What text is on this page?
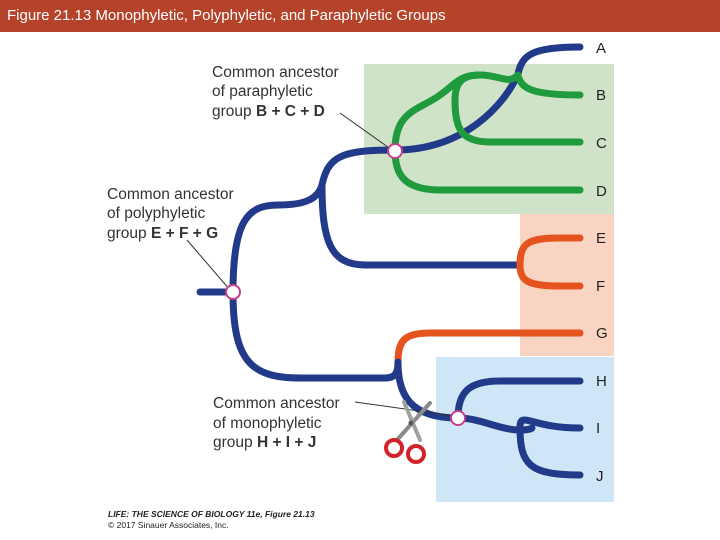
Figure 21.13 Monophyletic, Polyphyletic, and Paraphyletic Groups
A
B
C
D
E
F
G
H
I
J
Common ancestor
of paraphyletic
group B + C + D
Common ancestor
of polyphyletic
group E + F + G
Common ancestor
of monophyletic
group H + I + J
LIFE: THE SCIENCE OF BIOLOGY 11e, Figure 21.13
© 2017 Sinauer Associates, Inc.
